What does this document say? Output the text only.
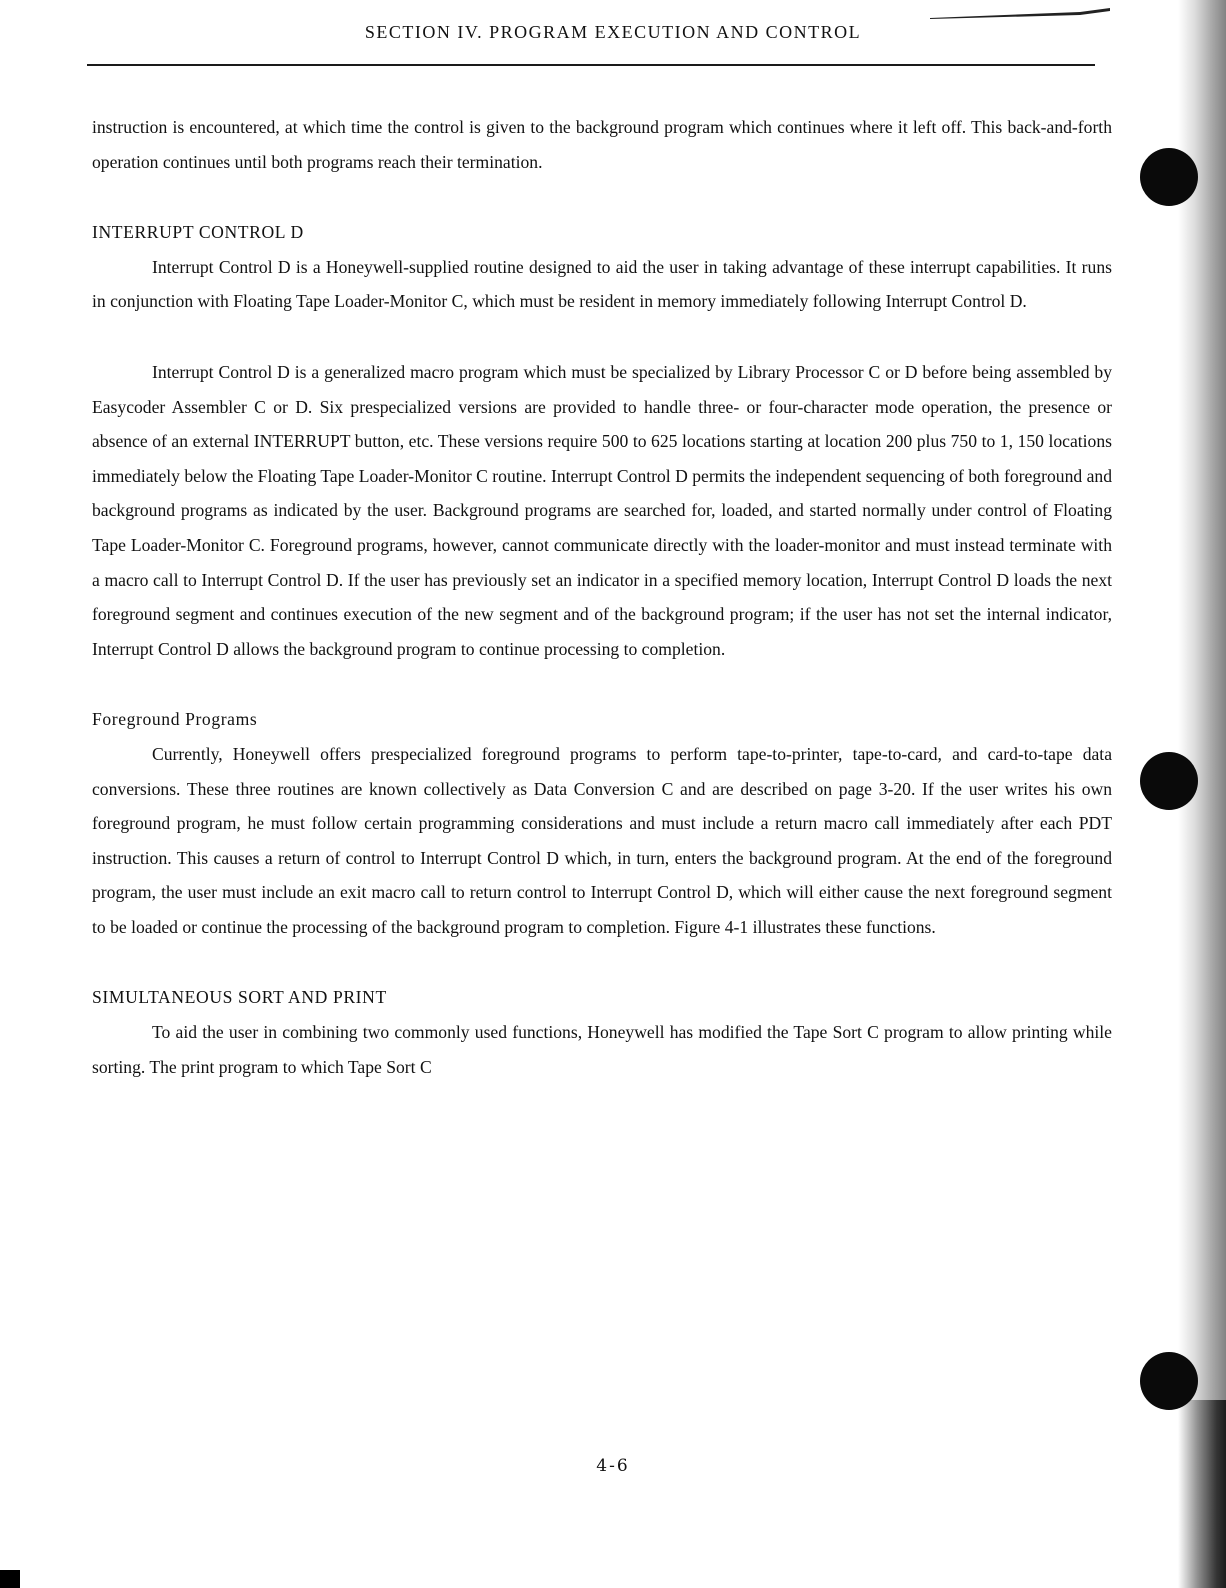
SECTION IV. PROGRAM EXECUTION AND CONTROL

instruction is encountered, at which time the control is given to the background program which continues where it left off. This back-and-forth operation continues until both programs reach their termination.

INTERRUPT CONTROL D

Interrupt Control D is a Honeywell-supplied routine designed to aid the user in taking advantage of these interrupt capabilities. It runs in conjunction with Floating Tape Loader-Monitor C, which must be resident in memory immediately following Interrupt Control D.

Interrupt Control D is a generalized macro program which must be specialized by Library Processor C or D before being assembled by Easycoder Assembler C or D. Six prespecialized versions are provided to handle three- or four-character mode operation, the presence or absence of an external INTERRUPT button, etc. These versions require 500 to 625 locations starting at location 200 plus 750 to 1, 150 locations immediately below the Floating Tape Loader-Monitor C routine. Interrupt Control D permits the independent sequencing of both foreground and background programs as indicated by the user. Background programs are searched for, loaded, and started normally under control of Floating Tape Loader-Monitor C. Foreground programs, however, cannot communicate directly with the loader-monitor and must instead terminate with a macro call to Interrupt Control D. If the user has previously set an indicator in a specified memory location, Interrupt Control D loads the next foreground segment and continues execution of the new segment and of the background program; if the user has not set the internal indicator, Interrupt Control D allows the background program to continue processing to completion.

Foreground Programs

Currently, Honeywell offers prespecialized foreground programs to perform tape-to-printer, tape-to-card, and card-to-tape data conversions. These three routines are known collectively as Data Conversion C and are described on page 3-20. If the user writes his own foreground program, he must follow certain programming considerations and must include a return macro call immediately after each PDT instruction. This causes a return of control to Interrupt Control D which, in turn, enters the background program. At the end of the foreground program, the user must include an exit macro call to return control to Interrupt Control D, which will either cause the next foreground segment to be loaded or continue the processing of the background program to completion. Figure 4-1 illustrates these functions.

SIMULTANEOUS SORT AND PRINT

To aid the user in combining two commonly used functions, Honeywell has modified the Tape Sort C program to allow printing while sorting. The print program to which Tape Sort C

4-6
